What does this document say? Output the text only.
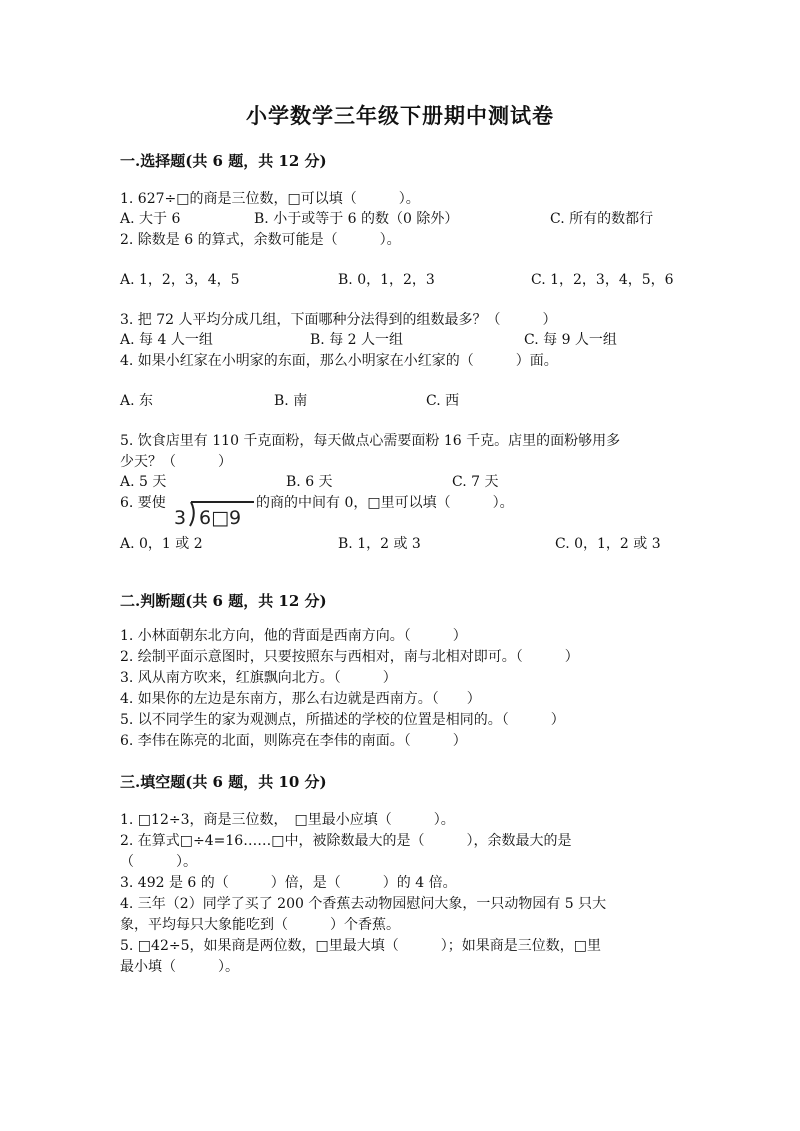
小学数学三年级下册期中测试卷
一.选择题(共 6 题，共 12 分)
1. 627÷□的商是三位数，□可以填（　　　）。
A. 大于 6	B. 小于或等于 6 的数（0 除外）	C. 所有的数都行
2. 除数是 6 的算式，余数可能是（　　　）。
A. 1，2，3，4，5	B. 0，1，2，3	C. 1，2，3，4，5，6
3. 把 72 人平均分成几组，下面哪种分法得到的组数最多？（　　　）
A. 每 4 人一组	B. 每 2 人一组	C. 每 9 人一组
4. 如果小红家在小明家的东面，那么小明家在小红家的（　　　）面。
A. 东	B. 南	C. 西
5. 饮食店里有 110 千克面粉，每天做点心需要面粉 16 千克。店里的面粉够用多
少天？（　　　）
A. 5 天	B. 6 天	C. 7 天
6. 要使
3 6□9
的商的中间有 0，□里可以填（　　　）。
A. 0，1 或 2	B. 1，2 或 3	C. 0，1，2 或 3
二.判断题(共 6 题，共 12 分)
1. 小林面朝东北方向，他的背面是西南方向。（　　　）
2. 绘制平面示意图时，只要按照东与西相对，南与北相对即可。（　　　）
3. 风从南方吹来，红旗飘向北方。（　　　）
4. 如果你的左边是东南方，那么右边就是西南方。（　　）
5. 以不同学生的家为观测点，所描述的学校的位置是相同的。（　　　）
6. 李伟在陈亮的北面，则陈亮在李伟的南面。（　　　）
三.填空题(共 6 题，共 10 分)
1. □12÷3，商是三位数，　□里最小应填（　　　）。
2. 在算式□÷4=16……□中，被除数最大的是（　　　），余数最大的是
（　　　）。
3. 492 是 6 的（　　　）倍，是（　　　）的 4 倍。
4. 三年（2）同学了买了 200 个香蕉去动物园慰问大象，一只动物园有 5 只大
象，平均每只大象能吃到（　　　）个香蕉。
5. □42÷5，如果商是两位数，□里最大填（　　　）；如果商是三位数，□里
最小填（　　　）。
